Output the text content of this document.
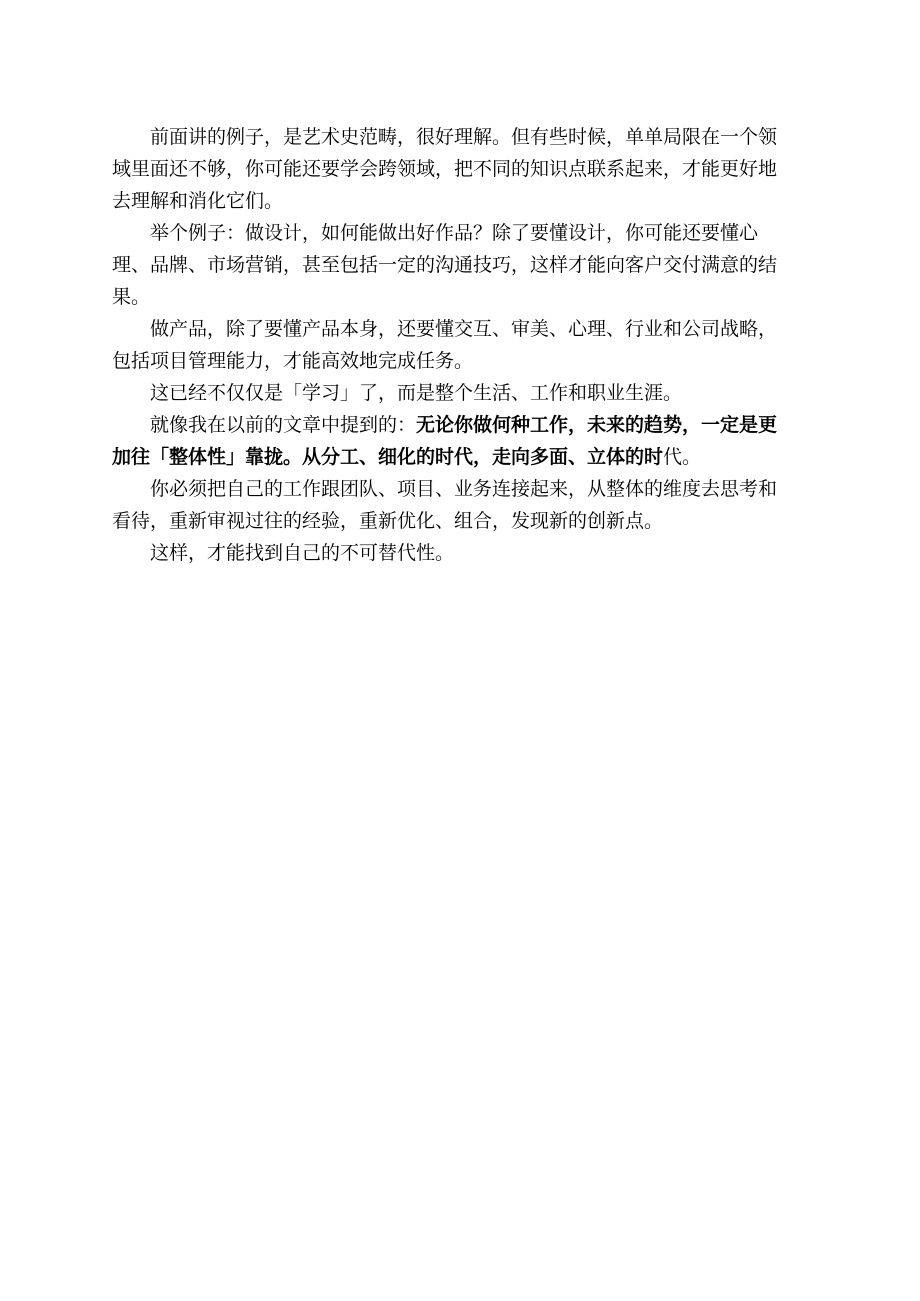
前面讲的例子，是艺术史范畴，很好理解。但有些时候，单单局限在一个领域里面还不够，你可能还要学会跨领域，把不同的知识点联系起来，才能更好地去理解和消化它们。

举个例子：做设计，如何能做出好作品？除了要懂设计，你可能还要懂心理、品牌、市场营销，甚至包括一定的沟通技巧，这样才能向客户交付满意的结果。

做产品，除了要懂产品本身，还要懂交互、审美、心理、行业和公司战略，包括项目管理能力，才能高效地完成任务。

这已经不仅仅是「学习」了，而是整个生活、工作和职业生涯。

就像我在以前的文章中提到的：无论你做何种工作，未来的趋势，一定是更加往「整体性」靠拢。从分工、细化的时代，走向多面、立体的时代。

你必须把自己的工作跟团队、项目、业务连接起来，从整体的维度去思考和看待，重新审视过往的经验，重新优化、组合，发现新的创新点。

这样，才能找到自己的不可替代性。
